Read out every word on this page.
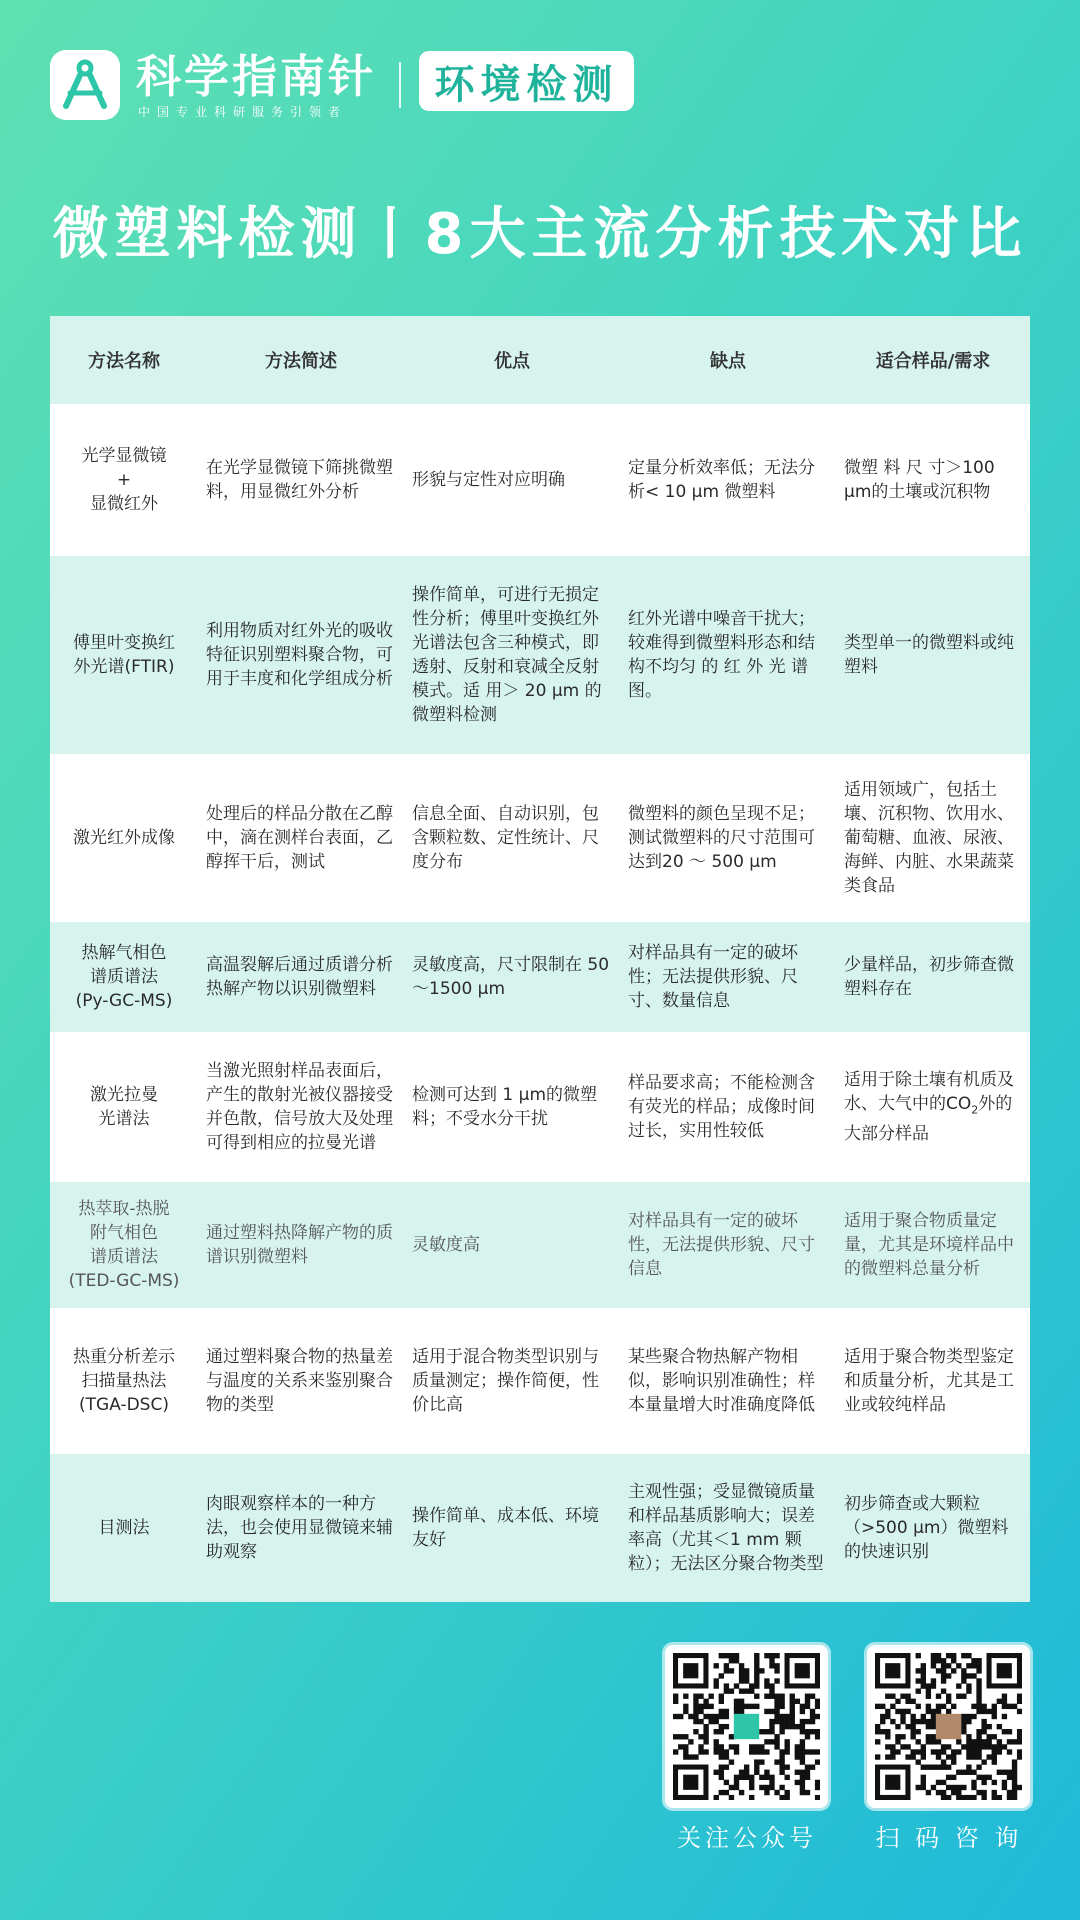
科学指南针
中国专业科研服务引领者
环境检测
微塑料检测丨8大主流分析技术对比
方法名称	方法简述	优点	缺点	适合样品/需求

光学显微镜
+
显微红外	在光学显微镜下筛挑微塑料，用显微红外分析	形貌与定性对应明确	定量分析效率低；无法分析< 10 μm 微塑料	微塑 料 尺 寸＞100 μm的土壤或沉积物

傅里叶变换红
外光谱(FTIR)	利用物质对红外光的吸收特征识别塑料聚合物，可用于丰度和化学组成分析	操作简单，可进行无损定性分析；傅里叶变换红外光谱法包含三种模式，即透射、反射和衰减全反射模式。适 用＞ 20 μm 的微塑料检测	红外光谱中噪音干扰大；较难得到微塑料形态和结构不均匀 的 红 外 光 谱 图。	类型单一的微塑料或纯塑料

激光红外成像	处理后的样品分散在乙醇中，滴在测样台表面，乙醇挥干后，测试	信息全面、自动识别，包 含颗粒数、定性统计、尺度分布	微塑料的颜色呈现不足；测试微塑料的尺寸范围可达到20 ～ 500 μm	适用领域广，包括土壤、沉积物、饮用水、葡萄糖、血液、尿液、海鲜、内脏、水果蔬菜类食品

热解气相色
谱质谱法
(Py-GC-MS)	高温裂解后通过质谱分析热解产物以识别微塑料	灵敏度高，尺寸限制在 50 ～1500 μm	对样品具有一定的破坏性；无法提供形貌、尺寸、数量信息	少量样品，初步筛查微塑料存在

激光拉曼
光谱法	当激光照射样品表面后，产生的散射光被仪器接受并色散，信号放大及处理可得到相应的拉曼光谱	检测可达到 1 μm的微塑料；不受水分干扰	样品要求高；不能检测含有荧光的样品；成像时间过长，实用性较低	适用于除土壤有机质及水、大气中的$CO_2$外的大部分样品

热萃取-热脱
附气相色
谱质谱法
(TED-GC-MS)	通过塑料热降解产物的质谱识别微塑料	灵敏度高	对样品具有一定的破坏性，无法提供形貌、尺寸信息	适用于聚合物质量定量，尤其是环境样品中的微塑料总量分析

热重分析差示
扫描量热法
(TGA-DSC)	通过塑料聚合物的热量差与温度的关系来鉴别聚合物的类型	适用于混合物类型识别与质量测定；操作简便，性价比高	某些聚合物热解产物相似，影响识别准确性；样本量量增大时准确度降低	适用于聚合物类型鉴定和质量分析，尤其是工业或较纯样品

目测法	肉眼观察样本的一种方法，也会使用显微镜来辅助观察	操作简单、成本低、环境友好	主观性强；受显微镜质量和样品基质影响大；误差率高（尤其＜1 mm 颗粒）；无法区分聚合物类型	初步筛查或大颗粒（>500 μm）微塑料的快速识别
关注公众号	扫 码 咨 询
